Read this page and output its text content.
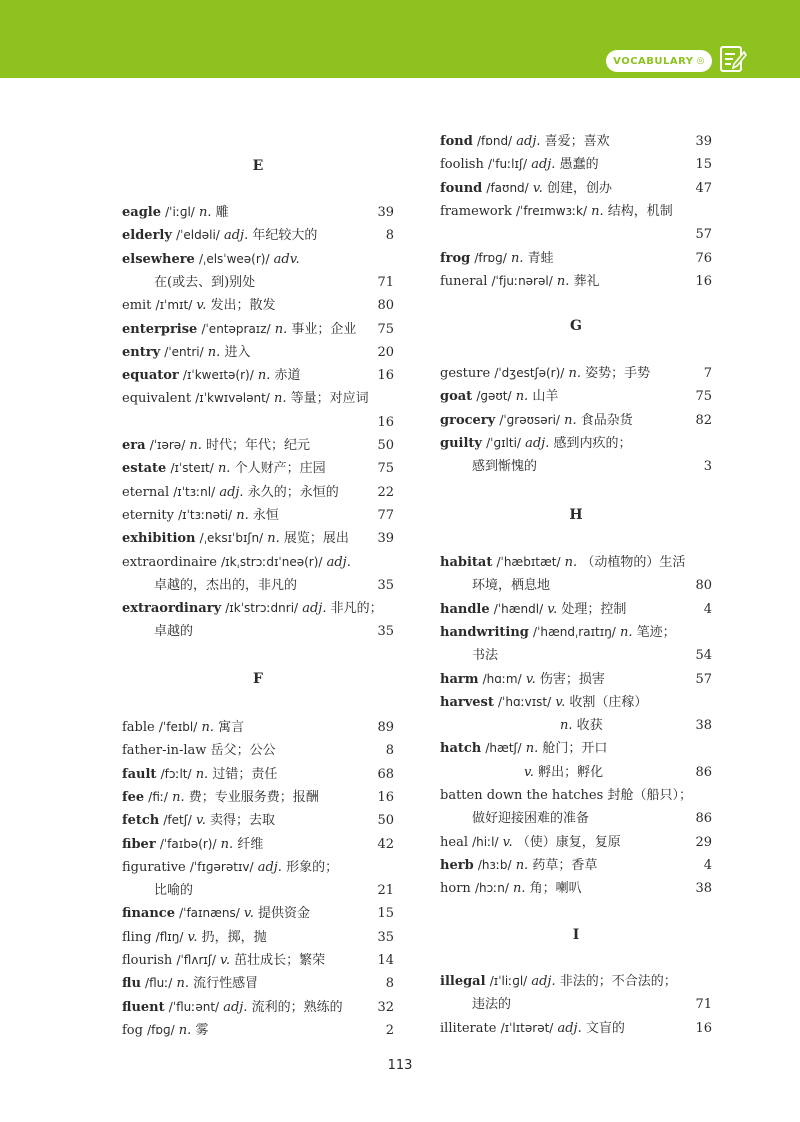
VOCABULARY ◎
E
eagle /ˈiːɡl/ n. 雕	39
elderly /ˈeldəli/ adj. 年纪较大的	8
elsewhere /ˌelsˈweə(r)/ adv.
在(或去、到)别处	71
emit /ɪˈmɪt/ v. 发出；散发	80
enterprise /ˈentəpraɪz/ n. 事业；企业 75
entry /ˈentri/ n. 进入	20
equator /ɪˈkweɪtə(r)/ n. 赤道	16
equivalent /ɪˈkwɪvələnt/ n. 等量；对应词
16
era /ˈɪərə/ n. 时代；年代；纪元	50
estate /ɪˈsteɪt/ n. 个人财产；庄园	75
eternal /ɪˈtɜːnl/ adj. 永久的；永恒的	22
eternity /ɪˈtɜːnəti/ n. 永恒	77
exhibition /ˌeksɪˈbɪʃn/ n. 展览；展出 39
extraordinaire /ɪkˌstrɔːdɪˈneə(r)/ adj.
卓越的，杰出的，非凡的	35
extraordinary /ɪkˈstrɔːdnri/ adj. 非凡的；
卓越的	35
F
fable /ˈfeɪbl/ n. 寓言	89
father-in-law 岳父；公公	8
fault /fɔːlt/ n. 过错；责任	68
fee /fiː/ n. 费；专业服务费；报酬	16
fetch /fetʃ/ v. 卖得；去取	50
fiber /ˈfaɪbə(r)/ n. 纤维	42
figurative /ˈfɪɡərətɪv/ adj. 形象的；
比喻的	21
finance /ˈfaɪnæns/ v. 提供资金	15
fling /flɪŋ/ v. 扔，掷，抛	35
flourish /ˈflʌrɪʃ/ v. 茁壮成长；繁荣	14
flu /fluː/ n. 流行性感冒	8
fluent /ˈfluːənt/ adj. 流利的；熟练的	32
fog /fɒɡ/ n. 雾	2
fond /fɒnd/ adj. 喜爱；喜欢	39
foolish /ˈfuːlɪʃ/ adj. 愚蠢的	15
found /faʊnd/ v. 创建，创办	47
framework /ˈfreɪmwɜːk/ n. 结构，机制
57
frog /frɒɡ/ n. 青蛙	76
funeral /ˈfjuːnərəl/ n. 葬礼	16
G
gesture /ˈdʒestʃə(r)/ n. 姿势；手势	7
goat /ɡəʊt/ n. 山羊	75
grocery /ˈɡrəʊsəri/ n. 食品杂货	82
guilty /ˈɡɪlti/ adj. 感到内疚的；
感到惭愧的	3
H
habitat /ˈhæbɪtæt/ n. （动植物的）生活
环境，栖息地	80
handle /ˈhændl/ v. 处理；控制	4
handwriting /ˈhændˌraɪtɪŋ/ n. 笔迹；
书法	54
harm /hɑːm/ v. 伤害；损害	57
harvest /ˈhɑːvɪst/ v. 收割（庄稼）
n. 收获	38
hatch /hætʃ/ n. 舱门；开口
v. 孵出；孵化	86
batten down the hatches 封舱（船只）；
做好迎接困难的准备	86
heal /hiːl/ v. （使）康复，复原	29
herb /hɜːb/ n. 药草；香草	4
horn /hɔːn/ n. 角；喇叭	38
I
illegal /ɪˈliːɡl/ adj. 非法的；不合法的；
违法的	71
illiterate /ɪˈlɪtərət/ adj. 文盲的	16
113
